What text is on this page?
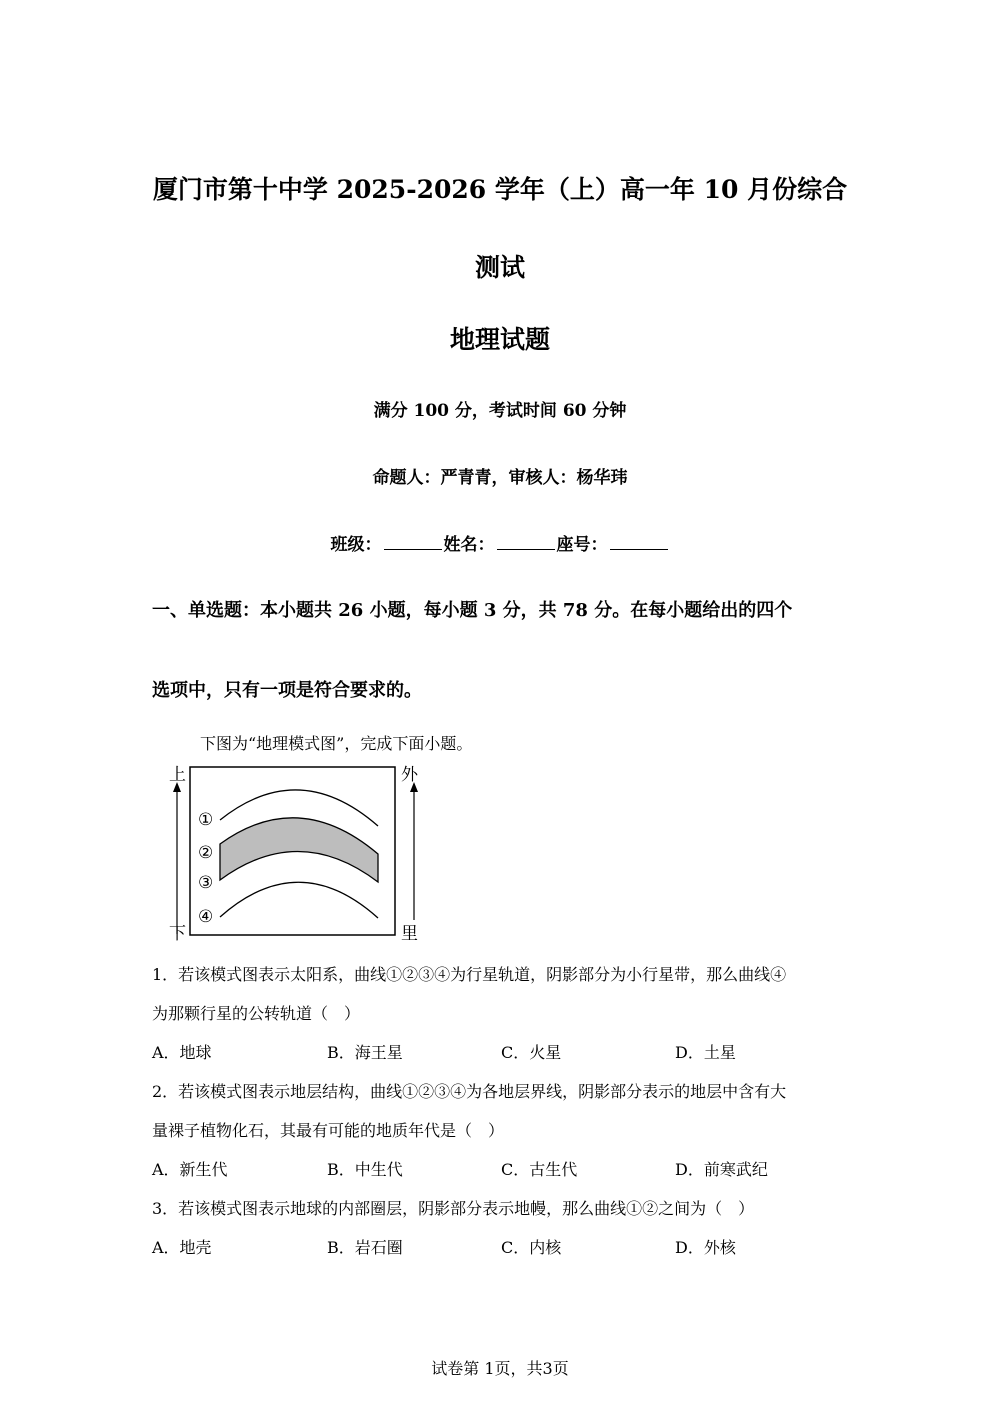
厦门市第十中学 2025-2026 学年（上）高一年 10 月份综合
测试
地理试题
满分 100 分，考试时间 60 分钟
命题人：严青青，审核人：杨华玮
班级：	姓名：	座号：
一、单选题：本小题共 26 小题，每小题 3 分，共 78 分。在每小题给出的四个
选项中，只有一项是符合要求的。
下图为“地理模式图”，完成下面小题。
上
下
外
里
①
②
③
④
1．若该模式图表示太阳系，曲线①②③④为行星轨道，阴影部分为小行星带，那么曲线④
为那颗行星的公转轨道（　）
A．地球	B．海王星	C．火星	D．土星
2．若该模式图表示地层结构，曲线①②③④为各地层界线，阴影部分表示的地层中含有大
量裸子植物化石，其最有可能的地质年代是（　）
A．新生代	B．中生代	C．古生代	D．前寒武纪
3．若该模式图表示地球的内部圈层，阴影部分表示地幔，那么曲线①②之间为（　）
A．地壳	B．岩石圈	C．内核	D．外核
试卷第 1页，共3页
